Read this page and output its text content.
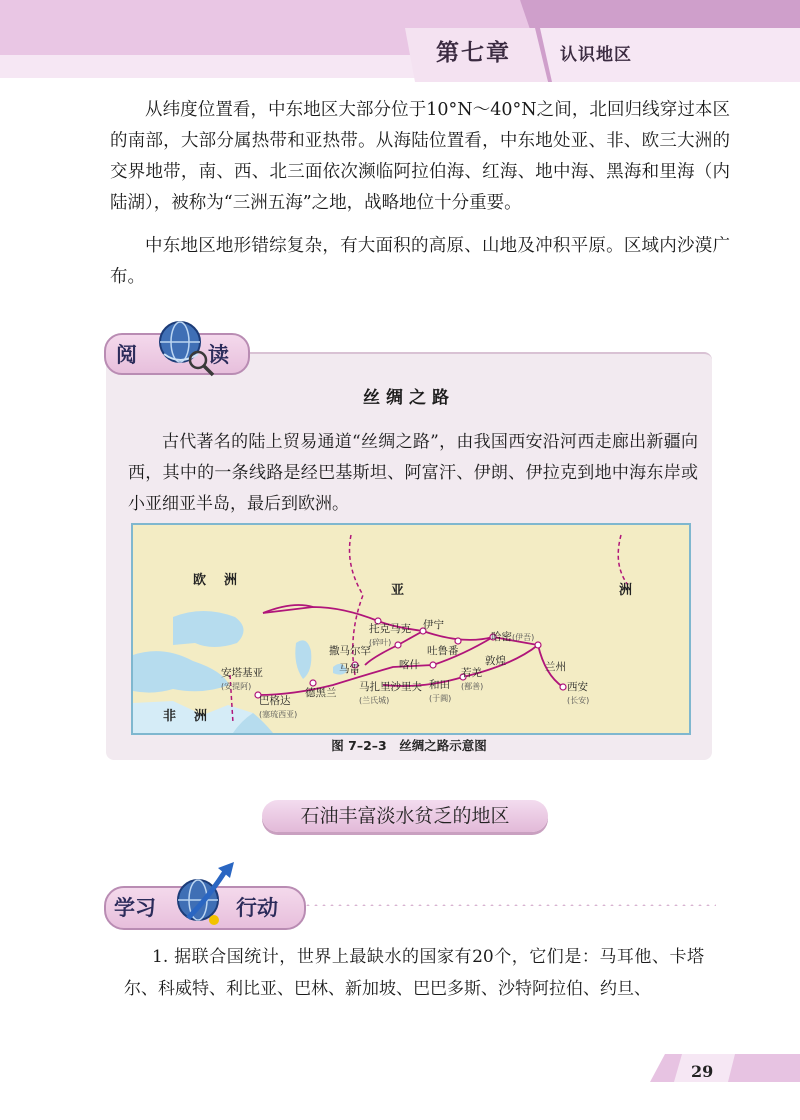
第七章	认识地区

从纬度位置看，中东地区大部分位于10°N～40°N之间，北回归线穿过本区的南部，大部分属热带和亚热带。从海陆位置看，中东地处亚、非、欧三大洲的交界地带，南、西、北三面依次濒临阿拉伯海、红海、地中海、黑海和里海（内陆湖），被称为“三洲五海”之地，战略地位十分重要。

中东地区地形错综复杂，有大面积的高原、山地及冲积平原。区域内沙漠广布。

阅	读
丝绸之路

古代著名的陆上贸易通道“丝绸之路”，由我国西安沿河西走廊出新疆向西，其中的一条线路是经巴基斯坦、阿富汗、伊朗、伊拉克到地中海东岸或小亚细亚半岛，最后到欧洲。

欧洲
亚	洲
非洲
托克马克
(碎叶)
伊宁
哈密(伊吾)
撒马尔罕	吐鲁番
喀什	敦煌
马雷	若羌
(鄯善)
兰州
马扎里沙里夫
(兰氏城)
和田
(于阗)
西安
(长安)
安塔基亚
(安提阿)
德黑兰
巴格达
(塞琉西亚)
图 7–2–3　丝绸之路示意图
石油丰富淡水贫乏的地区
学习	行动

1. 据联合国统计，世界上最缺水的国家有20个，它们是：马耳他、卡塔尔、科威特、利比亚、巴林、新加坡、巴巴多斯、沙特阿拉伯、约旦、

29
